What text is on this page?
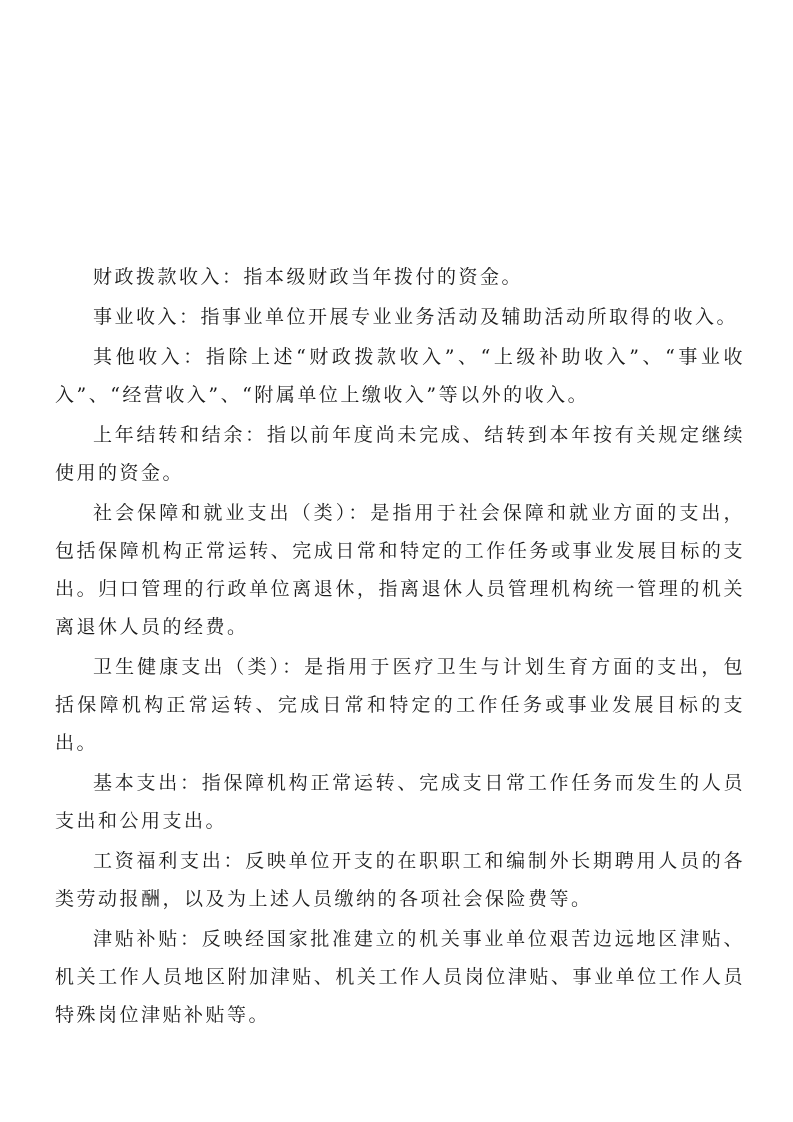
财政拨款收入：指本级财政当年拨付的资金。

事业收入：指事业单位开展专业业务活动及辅助活动所取得的收入。

其他收入：指除上述“财政拨款收入”、“上级补助收入”、“事业收入”、“经营收入”、“附属单位上缴收入”等以外的收入。

上年结转和结余：指以前年度尚未完成、结转到本年按有关规定继续使用的资金。

社会保障和就业支出（类）：是指用于社会保障和就业方面的支出，包括保障机构正常运转、完成日常和特定的工作任务或事业发展目标的支出。归口管理的行政单位离退休，指离退休人员管理机构统一管理的机关离退休人员的经费。

卫生健康支出（类）：是指用于医疗卫生与计划生育方面的支出，包括保障机构正常运转、完成日常和特定的工作任务或事业发展目标的支出。

基本支出：指保障机构正常运转、完成支日常工作任务而发生的人员支出和公用支出。

工资福利支出：反映单位开支的在职职工和编制外长期聘用人员的各类劳动报酬，以及为上述人员缴纳的各项社会保险费等。

津贴补贴：反映经国家批准建立的机关事业单位艰苦边远地区津贴、机关工作人员地区附加津贴、机关工作人员岗位津贴、事业单位工作人员特殊岗位津贴补贴等。
